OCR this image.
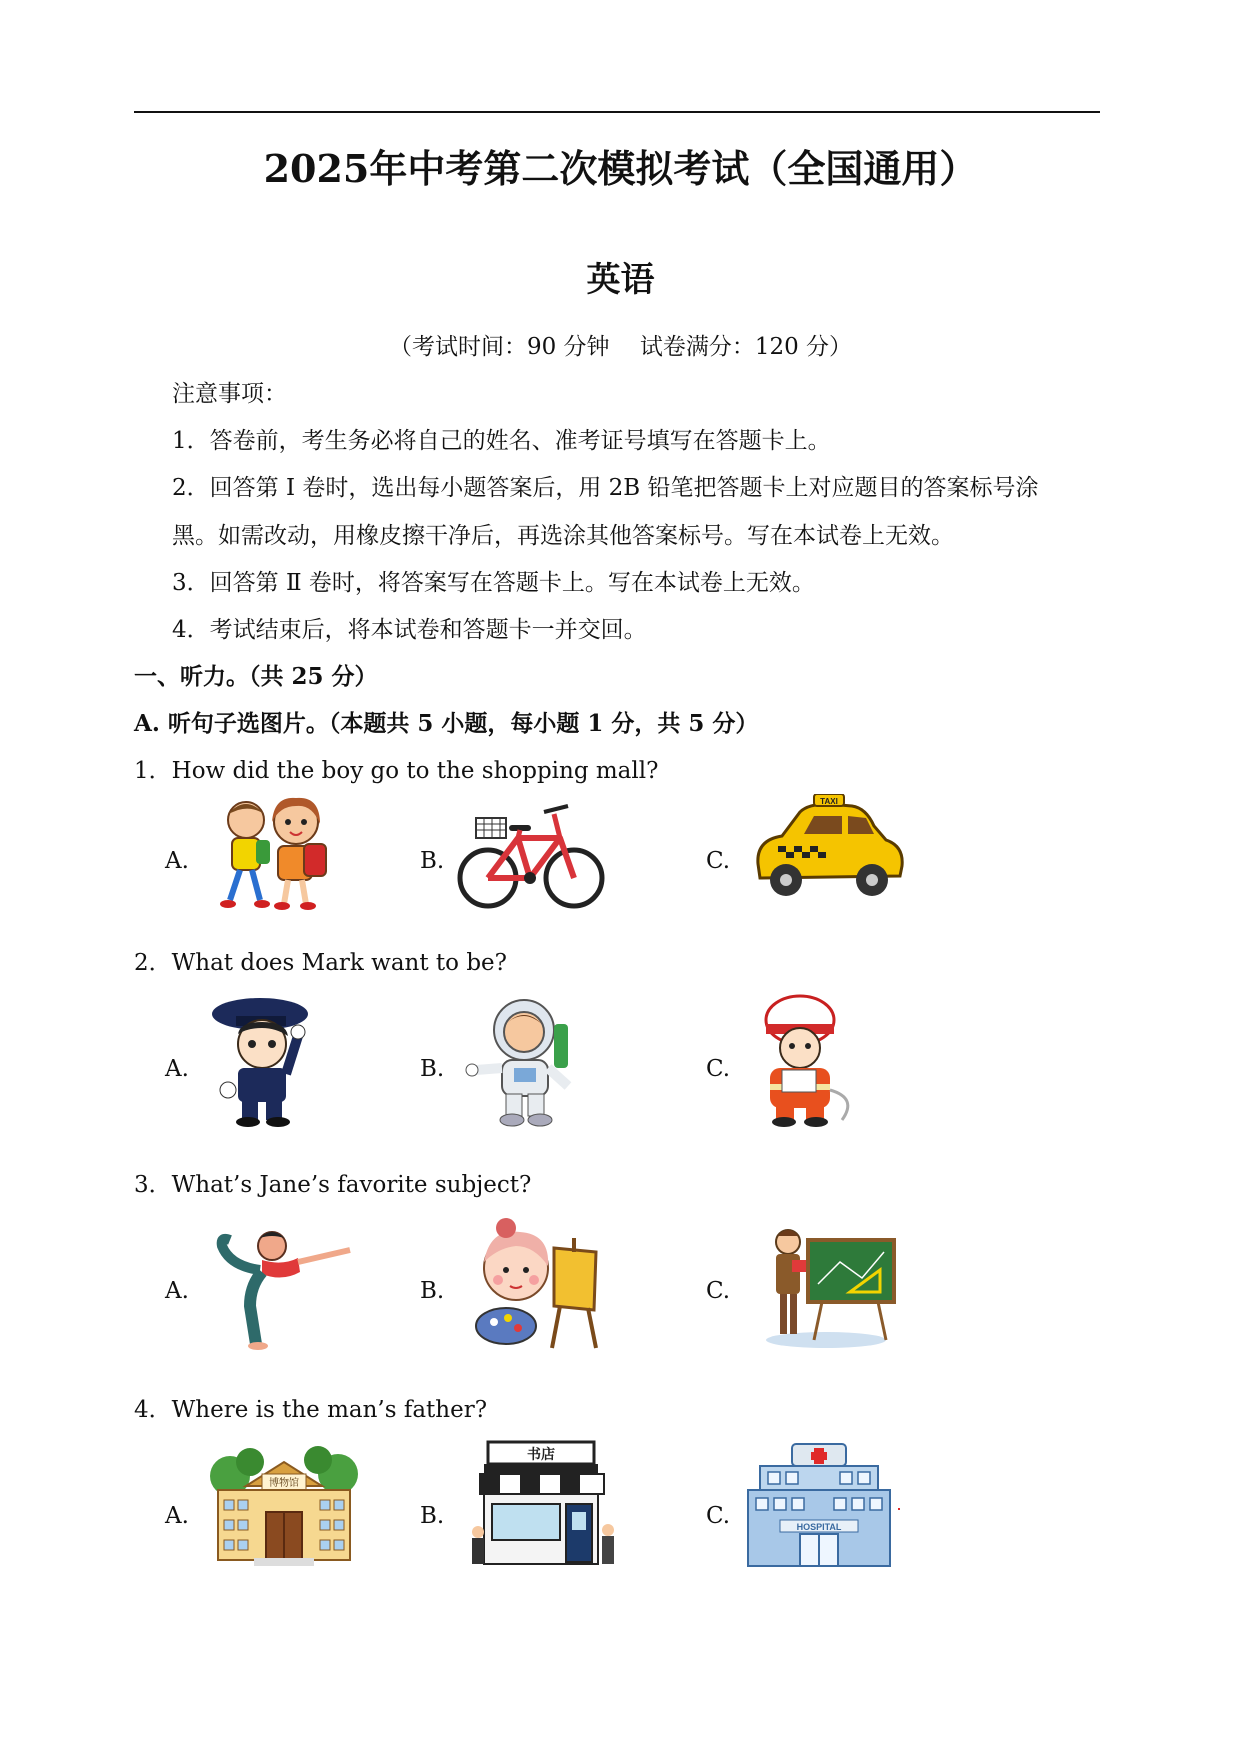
2025年中考第二次模拟考试（全国通用）
英语
（考试时间：90 分钟　 试卷满分：120 分）
注意事项：
1．答卷前，考生务必将自己的姓名、准考证号填写在答题卡上。
2．回答第 Ⅰ 卷时，选出每小题答案后，用 2B 铅笔把答题卡上对应题目的答案标号涂
黑。如需改动，用橡皮擦干净后，再选涂其他答案标号。写在本试卷上无效。
3．回答第 Ⅱ 卷时，将答案写在答题卡上。写在本试卷上无效。
4．考试结束后，将本试卷和答题卡一并交回。
一、听力。（共 25 分）
A. 听句子选图片。（本题共 5 小题，每小题 1 分，共 5 分）
1．How did the boy go to the shopping mall?
A.	B.	C.
TAXI
2．What does Mark want to be?
A.	B.	C.
3．What’s Jane’s favorite subject?
A.	B.	C.
4．Where is the man’s father?
A.	B.	C.
博物馆
书店
HOSPITAL
